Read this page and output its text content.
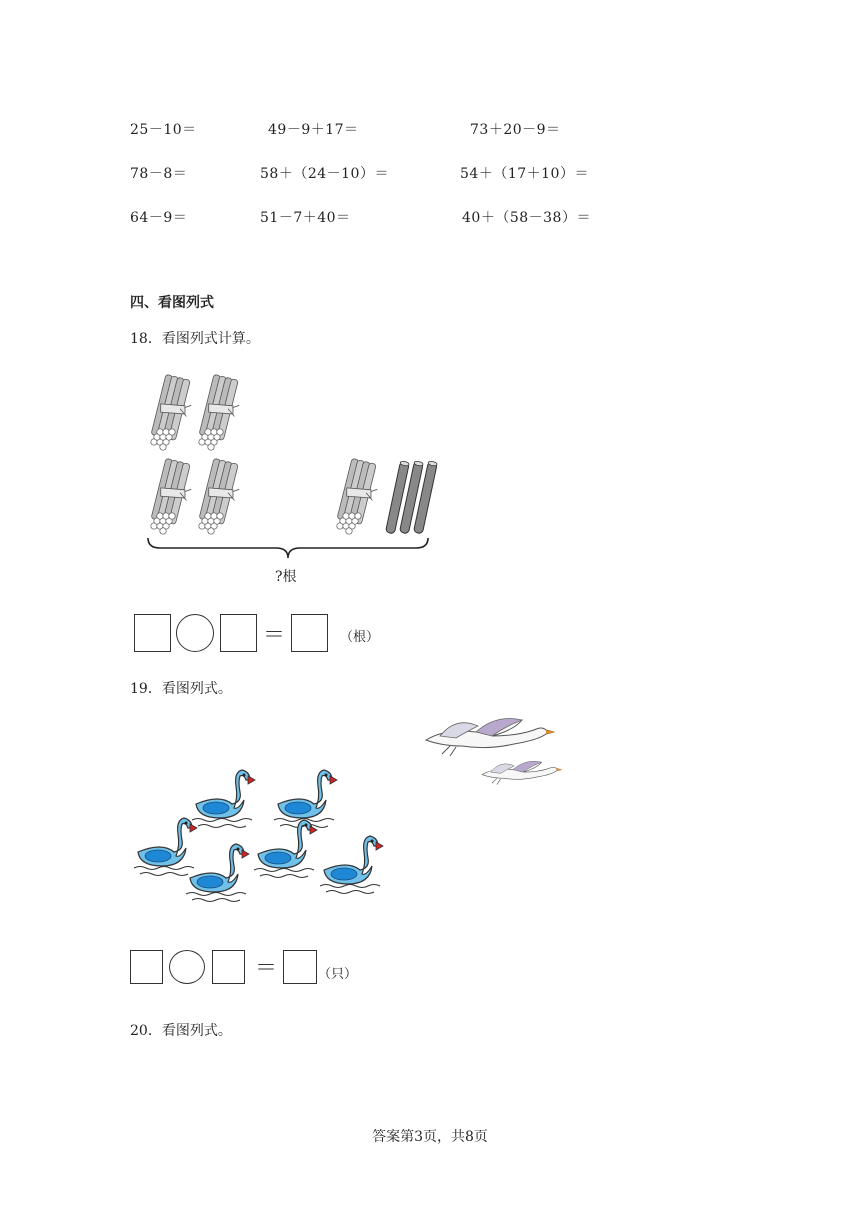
25－10＝	49－9＋17＝	73＋20－9＝
78－8＝	58＋（24－10）＝	54＋（17＋10）＝
64－9＝	51－7＋40＝	40＋（58－38）＝
四、看图列式
18．看图列式计算。
?根
＝	（根）
19．看图列式。
＝	（只）
20．看图列式。
答案第3页，共8页
